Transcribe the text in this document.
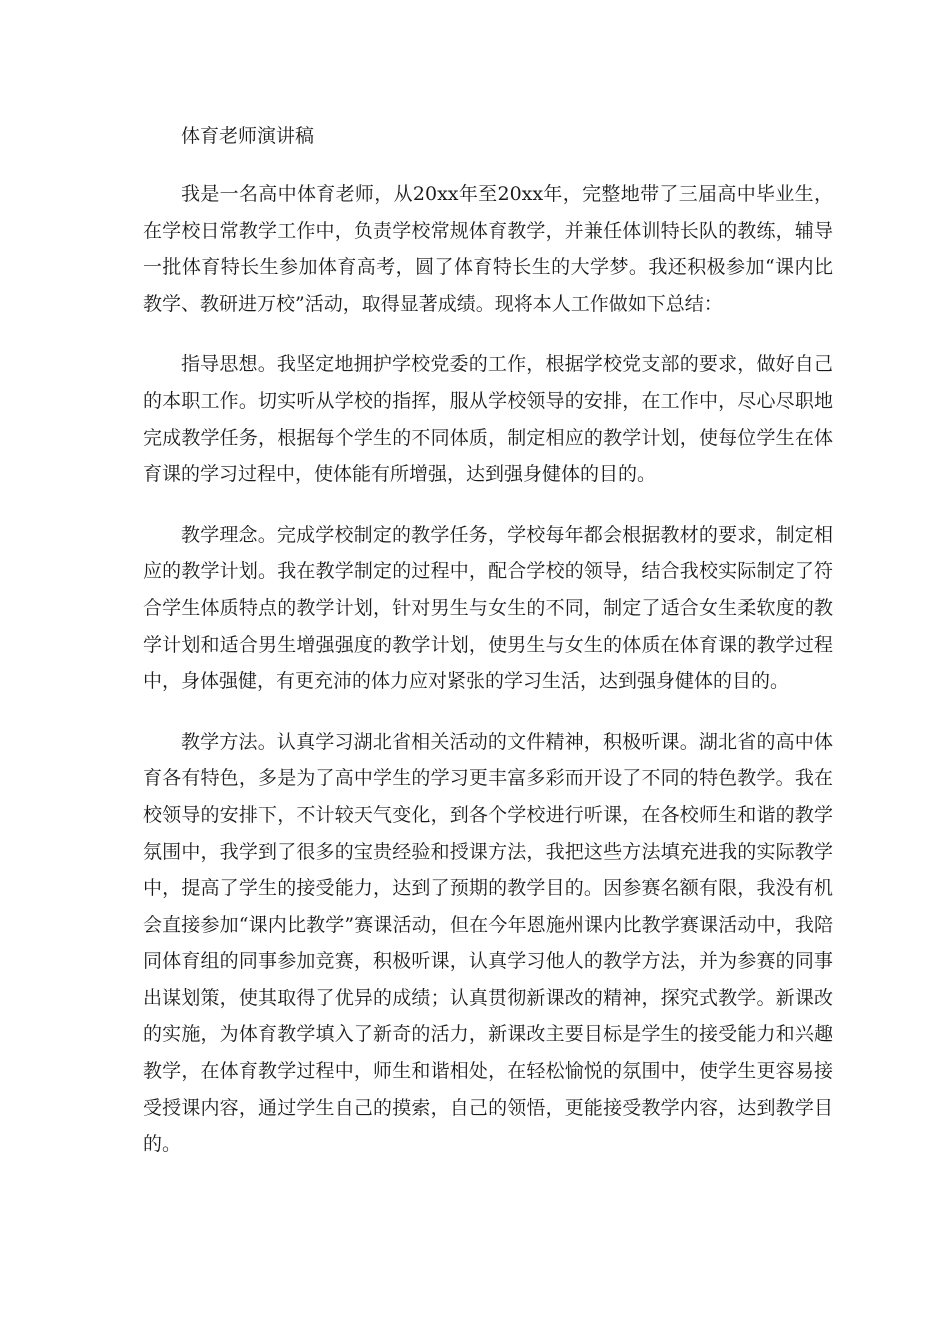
体育老师演讲稿

我是一名高中体育老师，从20xx年至20xx年，完整地带了三届高中毕业生，在学校日常教学工作中，负责学校常规体育教学，并兼任体训特长队的教练，辅导一批体育特长生参加体育高考，圆了体育特长生的大学梦。我还积极参加“课内比教学、教研进万校”活动，取得显著成绩。现将本人工作做如下总结：

指导思想。我坚定地拥护学校党委的工作，根据学校党支部的要求，做好自己的本职工作。切实听从学校的指挥，服从学校领导的安排，在工作中，尽心尽职地完成教学任务，根据每个学生的不同体质，制定相应的教学计划，使每位学生在体育课的学习过程中，使体能有所增强，达到强身健体的目的。

教学理念。完成学校制定的教学任务，学校每年都会根据教材的要求，制定相应的教学计划。我在教学制定的过程中，配合学校的领导，结合我校实际制定了符合学生体质特点的教学计划，针对男生与女生的不同，制定了适合女生柔软度的教学计划和适合男生增强强度的教学计划，使男生与女生的体质在体育课的教学过程中，身体强健，有更充沛的体力应对紧张的学习生活，达到强身健体的目的。

教学方法。认真学习湖北省相关活动的文件精神，积极听课。湖北省的高中体育各有特色，多是为了高中学生的学习更丰富多彩而开设了不同的特色教学。我在校领导的安排下，不计较天气变化，到各个学校进行听课，在各校师生和谐的教学氛围中，我学到了很多的宝贵经验和授课方法，我把这些方法填充进我的实际教学中，提高了学生的接受能力，达到了预期的教学目的。因参赛名额有限，我没有机会直接参加“课内比教学”赛课活动，但在今年恩施州课内比教学赛课活动中，我陪同体育组的同事参加竞赛，积极听课，认真学习他人的教学方法，并为参赛的同事出谋划策，使其取得了优异的成绩；认真贯彻新课改的精神，探究式教学。新课改的实施，为体育教学填入了新奇的活力，新课改主要目标是学生的接受能力和兴趣教学，在体育教学过程中，师生和谐相处，在轻松愉悦的氛围中，使学生更容易接受授课内容，通过学生自己的摸索，自己的领悟，更能接受教学内容，达到教学目的。
